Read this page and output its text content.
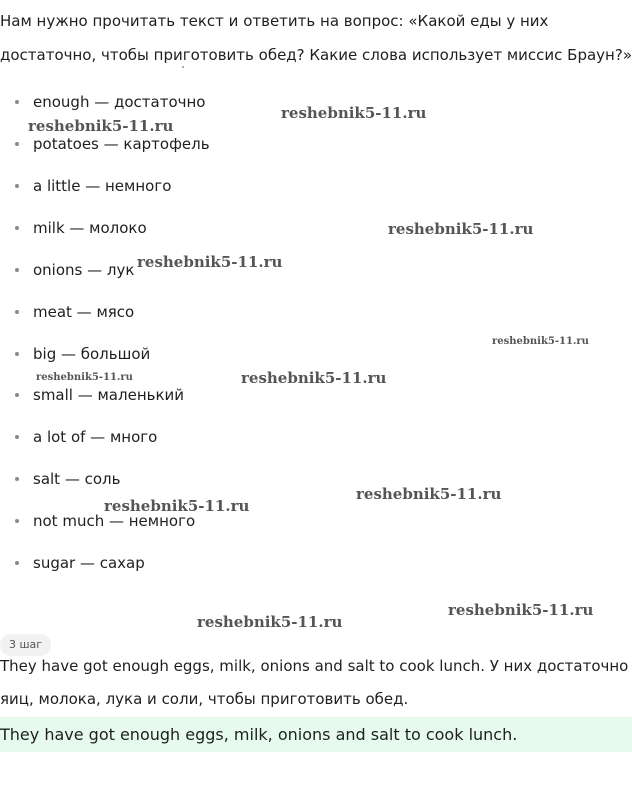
Нам нужно прочитать текст и ответить на вопрос: «Какой еды у них достаточно, чтобы приготовить обед? Какие слова использует миссис Браун?»

enough — достаточно
potatoes — картофель
a little — немного
milk — молоко
onions — лук
meat — мясо
big — большой
small — маленький
a lot of — много
salt — соль
not much — немного
sugar — сахар
reshebnik5-11.ru
reshebnik5-11.ru
reshebnik5-11.ru
reshebnik5-11.ru
reshebnik5-11.ru
reshebnik5-11.ru	reshebnik5-11.ru
reshebnik5-11.ru
reshebnik5-11.ru
reshebnik5-11.ru
reshebnik5-11.ru
3 шаг

They have got enough eggs, milk, onions and salt to cook lunch. У них достаточно яиц, молока, лука и соли, чтобы приготовить обед.

They have got enough eggs, milk, onions and salt to cook lunch.
